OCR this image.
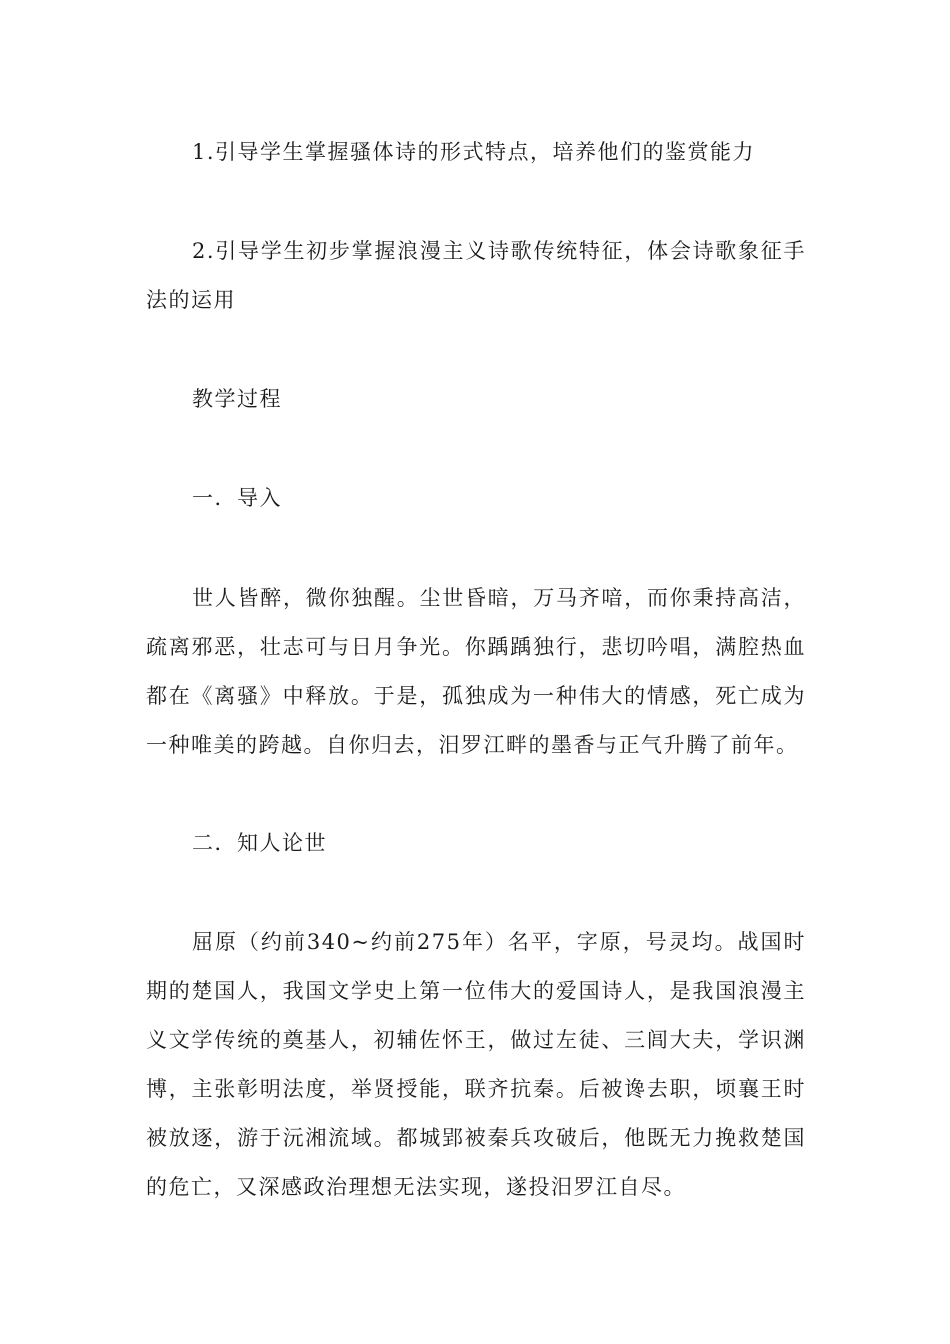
1.引导学生掌握骚体诗的形式特点，培养他们的鉴赏能力

2.引导学生初步掌握浪漫主义诗歌传统特征，体会诗歌象征手法的运用

教学过程

一．导入

世人皆醉，微你独醒。尘世昏暗，万马齐喑，而你秉持高洁，疏离邪恶，壮志可与日月争光。你踽踽独行，悲切吟唱，满腔热血都在《离骚》中释放。于是，孤独成为一种伟大的情感，死亡成为一种唯美的跨越。自你归去，汨罗江畔的墨香与正气升腾了前年。

二．知人论世

屈原（约前340~约前275年）名平，字原，号灵均。战国时期的楚国人，我国文学史上第一位伟大的爱国诗人，是我国浪漫主义文学传统的奠基人，初辅佐怀王，做过左徒、三闾大夫，学识渊博，主张彰明法度，举贤授能，联齐抗秦。后被谗去职，顷襄王时被放逐，游于沅湘流域。都城郢被秦兵攻破后，他既无力挽救楚国的危亡，又深感政治理想无法实现，遂投汨罗江自尽。
